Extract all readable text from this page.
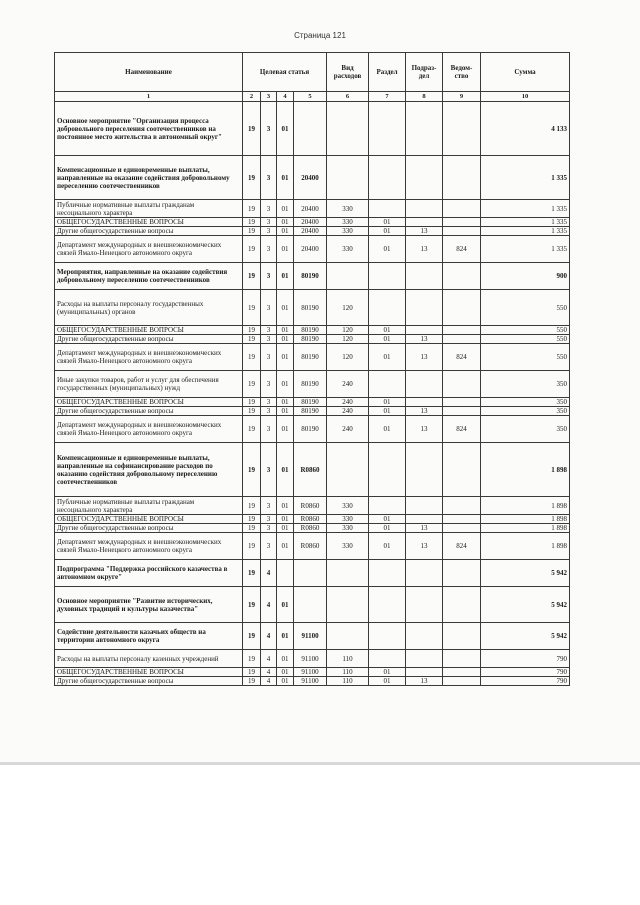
Страница 121
Наименование	Целевая статья				Вид расходов	Раздел	Подраз-дел	Ведом-ство	Сумма
1	2	3	4	5	6	7	8	9	10
Основное мероприятие "Организация процесса добровольного переселения соотечественников на постоянное место жительства в автономный округ"	19	3	01						4 133
Компенсационные и единовременные выплаты, направленные на оказание содействия добровольному переселению соотечественников	19	3	01	20400					1 335
Публичные нормативные выплаты гражданам несоциального характера	19	3	01	20400	330				1 335
ОБЩЕГОСУДАРСТВЕННЫЕ ВОПРОСЫ	19	3	01	20400	330	01			1 335
Другие общегосударственные вопросы	19	3	01	20400	330	01	13		1 335
Департамент международных и внешнеэкономических связей Ямало-Ненецкого автономного округа	19	3	01	20400	330	01	13	824	1 335
Мероприятия, направленные на оказание содействия добровольному переселению соотечественников	19	3	01	80190					900
Расходы на выплаты персоналу государственных (муниципальных) органов	19	3	01	80190	120				550
ОБЩЕГОСУДАРСТВЕННЫЕ ВОПРОСЫ	19	3	01	80190	120	01			550
Другие общегосударственные вопросы	19	3	01	80190	120	01	13		550
Департамент международных и внешнеэкономических связей Ямало-Ненецкого автономного округа	19	3	01	80190	120	01	13	824	550
Иные закупки товаров, работ и услуг для обеспечения государственных (муниципальных) нужд	19	3	01	80190	240				350
ОБЩЕГОСУДАРСТВЕННЫЕ ВОПРОСЫ	19	3	01	80190	240	01			350
Другие общегосударственные вопросы	19	3	01	80190	240	01	13		350
Департамент международных и внешнеэкономических связей Ямало-Ненецкого автономного округа	19	3	01	80190	240	01	13	824	350
Компенсационные и единовременные выплаты, направленные на софинансирование расходов по оказанию содействия добровольному переселению соотечественников	19	3	01	R0860					1 898
Публичные нормативные выплаты гражданам несоциального характера	19	3	01	R0860	330				1 898
ОБЩЕГОСУДАРСТВЕННЫЕ ВОПРОСЫ	19	3	01	R0860	330	01			1 898
Другие общегосударственные вопросы	19	3	01	R0860	330	01	13		1 898
Департамент международных и внешнеэкономических связей Ямало-Ненецкого автономного округа	19	3	01	R0860	330	01	13	824	1 898
Подпрограмма "Поддержка российского казачества в автономном округе"	19	4							5 942
Основное мероприятие "Развитие исторических, духовных традиций и культуры казачества"	19	4	01						5 942
Содействие деятельности казачьих обществ на территории автономного округа	19	4	01	91100					5 942
Расходы на выплаты персоналу казенных учреждений	19	4	01	91100	110				790
ОБЩЕГОСУДАРСТВЕННЫЕ ВОПРОСЫ	19	4	01	91100	110	01			790
Другие общегосударственные вопросы	19	4	01	91100	110	01	13		790
